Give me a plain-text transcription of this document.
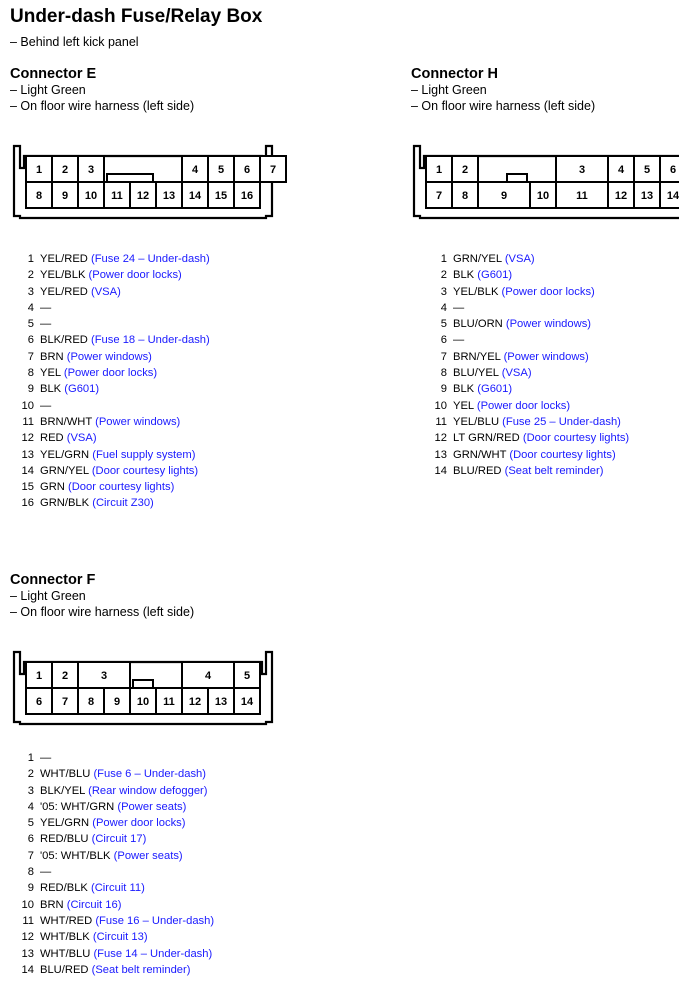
Under-dash Fuse/Relay Box
– Behind left kick panel
Connector E
– Light Green
– On floor wire harness (left side)
1 2 3	4 5 6 7
8 9 10 11 12 13 14 15 16
1 YEL/RED (Fuse 24 – Under-dash)
2 YEL/BLK (Power door locks)
3 YEL/RED (VSA)
4 —
5 —
6 BLK/RED (Fuse 18 – Under-dash)
7 BRN (Power windows)
8 YEL (Power door locks)
9 BLK (G601)
10 —
11 BRN/WHT (Power windows)
12 RED (VSA)
13 YEL/GRN (Fuel supply system)
14 GRN/YEL (Door courtesy lights)
15 GRN (Door courtesy lights)
16 GRN/BLK (Circuit Z30)
Connector H
– Light Green
– On floor wire harness (left side)
1 2	3	4 5 6
7 8	9	10 11 12 13 14
1 GRN/YEL (VSA)
2 BLK (G601)
3 YEL/BLK (Power door locks)
4 —
5 BLU/ORN (Power windows)
6 —
7 BRN/YEL (Power windows)
8 BLU/YEL (VSA)
9 BLK (G601)
10 YEL (Power door locks)
11 YEL/BLU (Fuse 25 – Under-dash)
12 LT GRN/RED (Door courtesy lights)
13 GRN/WHT (Door courtesy lights)
14 BLU/RED (Seat belt reminder)
Connector F
– Light Green
– On floor wire harness (left side)
1 2	3	4	5
6 7 8 9 10 11 12 13 14
1 —
2 WHT/BLU (Fuse 6 – Under-dash)
3 BLK/YEL (Rear window defogger)
4 '05: WHT/GRN (Power seats)
5 YEL/GRN (Power door locks)
6 RED/BLU (Circuit 17)
7 '05: WHT/BLK (Power seats)
8 —
9 RED/BLK (Circuit 11)
10 BRN (Circuit 16)
11 WHT/RED (Fuse 16 – Under-dash)
12 WHT/BLK (Circuit 13)
13 WHT/BLU (Fuse 14 – Under-dash)
14 BLU/RED (Seat belt reminder)
